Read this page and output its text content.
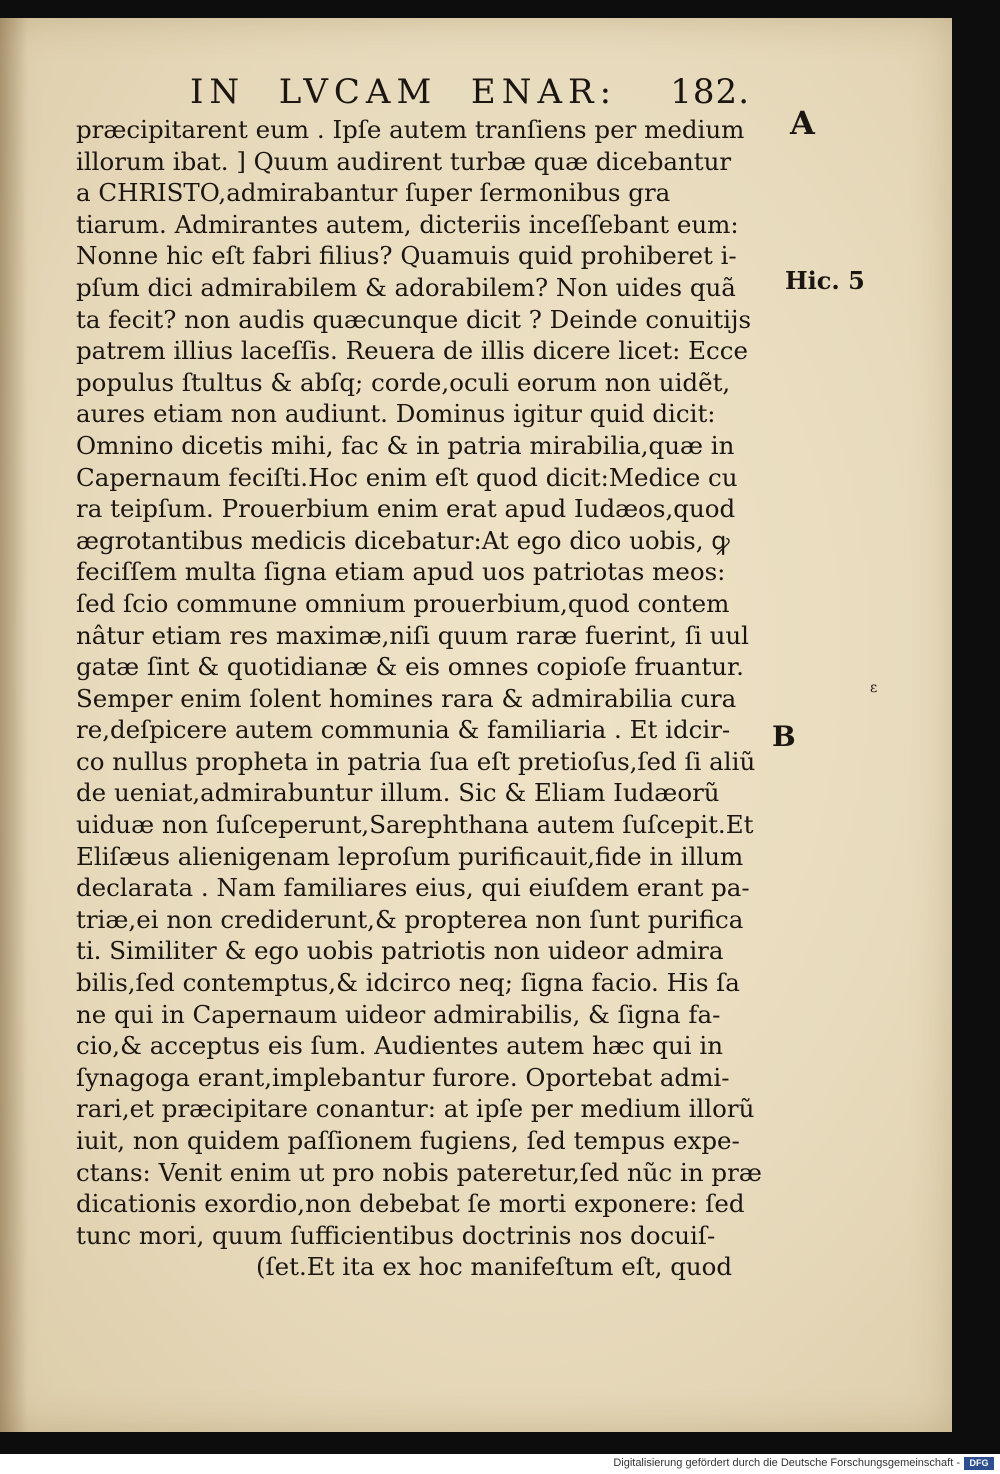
IN  LVCAM  ENAR: 182.
præcipitarent eum . Ipſe autem tranſiens per medium
illorum ibat. ] Quum audirent turbæ quæ dicebantur
a CHRISTO,admirabantur ſuper ſermonibus gra
tiarum. Admirantes autem, dicteriis inceſſebant eum:
Nonne hic eſt fabri filius? Quamuis quid prohiberet i-
pſum dici admirabilem & adorabilem? Non uides quã
ta fecit? non audis quæcunque dicit ? Deinde conuitijs
patrem illius laceſſis. Reuera de illis dicere licet: Ecce
populus ſtultus & abſq; corde,oculi eorum non uidẽt,
aures etiam non audiunt. Dominus igitur quid dicit:
Omnino dicetis mihi, fac & in patria mirabilia,quæ in
Capernaum feciſti.Hoc enim eſt quod dicit:Medice cu
ra teipſum. Prouerbium enim erat apud Iudæos,quod
ægrotantibus medicis dicebatur:At ego dico uobis, ꝙ
feciſſem multa ſigna etiam apud uos patriotas meos:
ſed ſcio commune omnium prouerbium,quod contem
nâtur etiam res maximæ,niſi quum raræ fuerint, ſi uul
gatæ ſint & quotidianæ & eis omnes copioſe fruantur.
Semper enim ſolent homines rara & admirabilia cura
re,deſpicere autem communia & familiaria . Et idcir-
co nullus propheta in patria ſua eſt pretioſus,ſed ſi aliũ
de ueniat,admirabuntur illum. Sic & Eliam Iudæorũ
uiduæ non ſuſceperunt,Sarephthana autem ſuſcepit.Et
Eliſæus alienigenam leproſum purificauit,fide in illum
declarata . Nam familiares eius, qui eiuſdem erant pa-
triæ,ei non crediderunt,& propterea non ſunt purifica
ti. Similiter & ego uobis patriotis non uideor admira
bilis,ſed contemptus,& idcirco neq; ſigna facio. His ſa
ne qui in Capernaum uideor admirabilis, & ſigna fa-
cio,& acceptus eis ſum. Audientes autem hæc qui in
ſynagoga erant,implebantur furore. Oportebat admi-
rari,et præcipitare conantur: at ipſe per medium illorũ
iuit, non quidem paſſionem fugiens, ſed tempus expe-
ctans: Venit enim ut pro nobis pateretur,ſed nũc in præ
dicationis exordio,non debebat ſe morti exponere: ſed
tunc mori, quum ſufficientibus doctrinis nos docuiſ-
(ſet.Et ita ex hoc manifeſtum eſt, quod
A
Hic. 5
ε
B
Digitalisierung gefördert durch die Deutsche Forschungsgemeinschaft -	DFG
